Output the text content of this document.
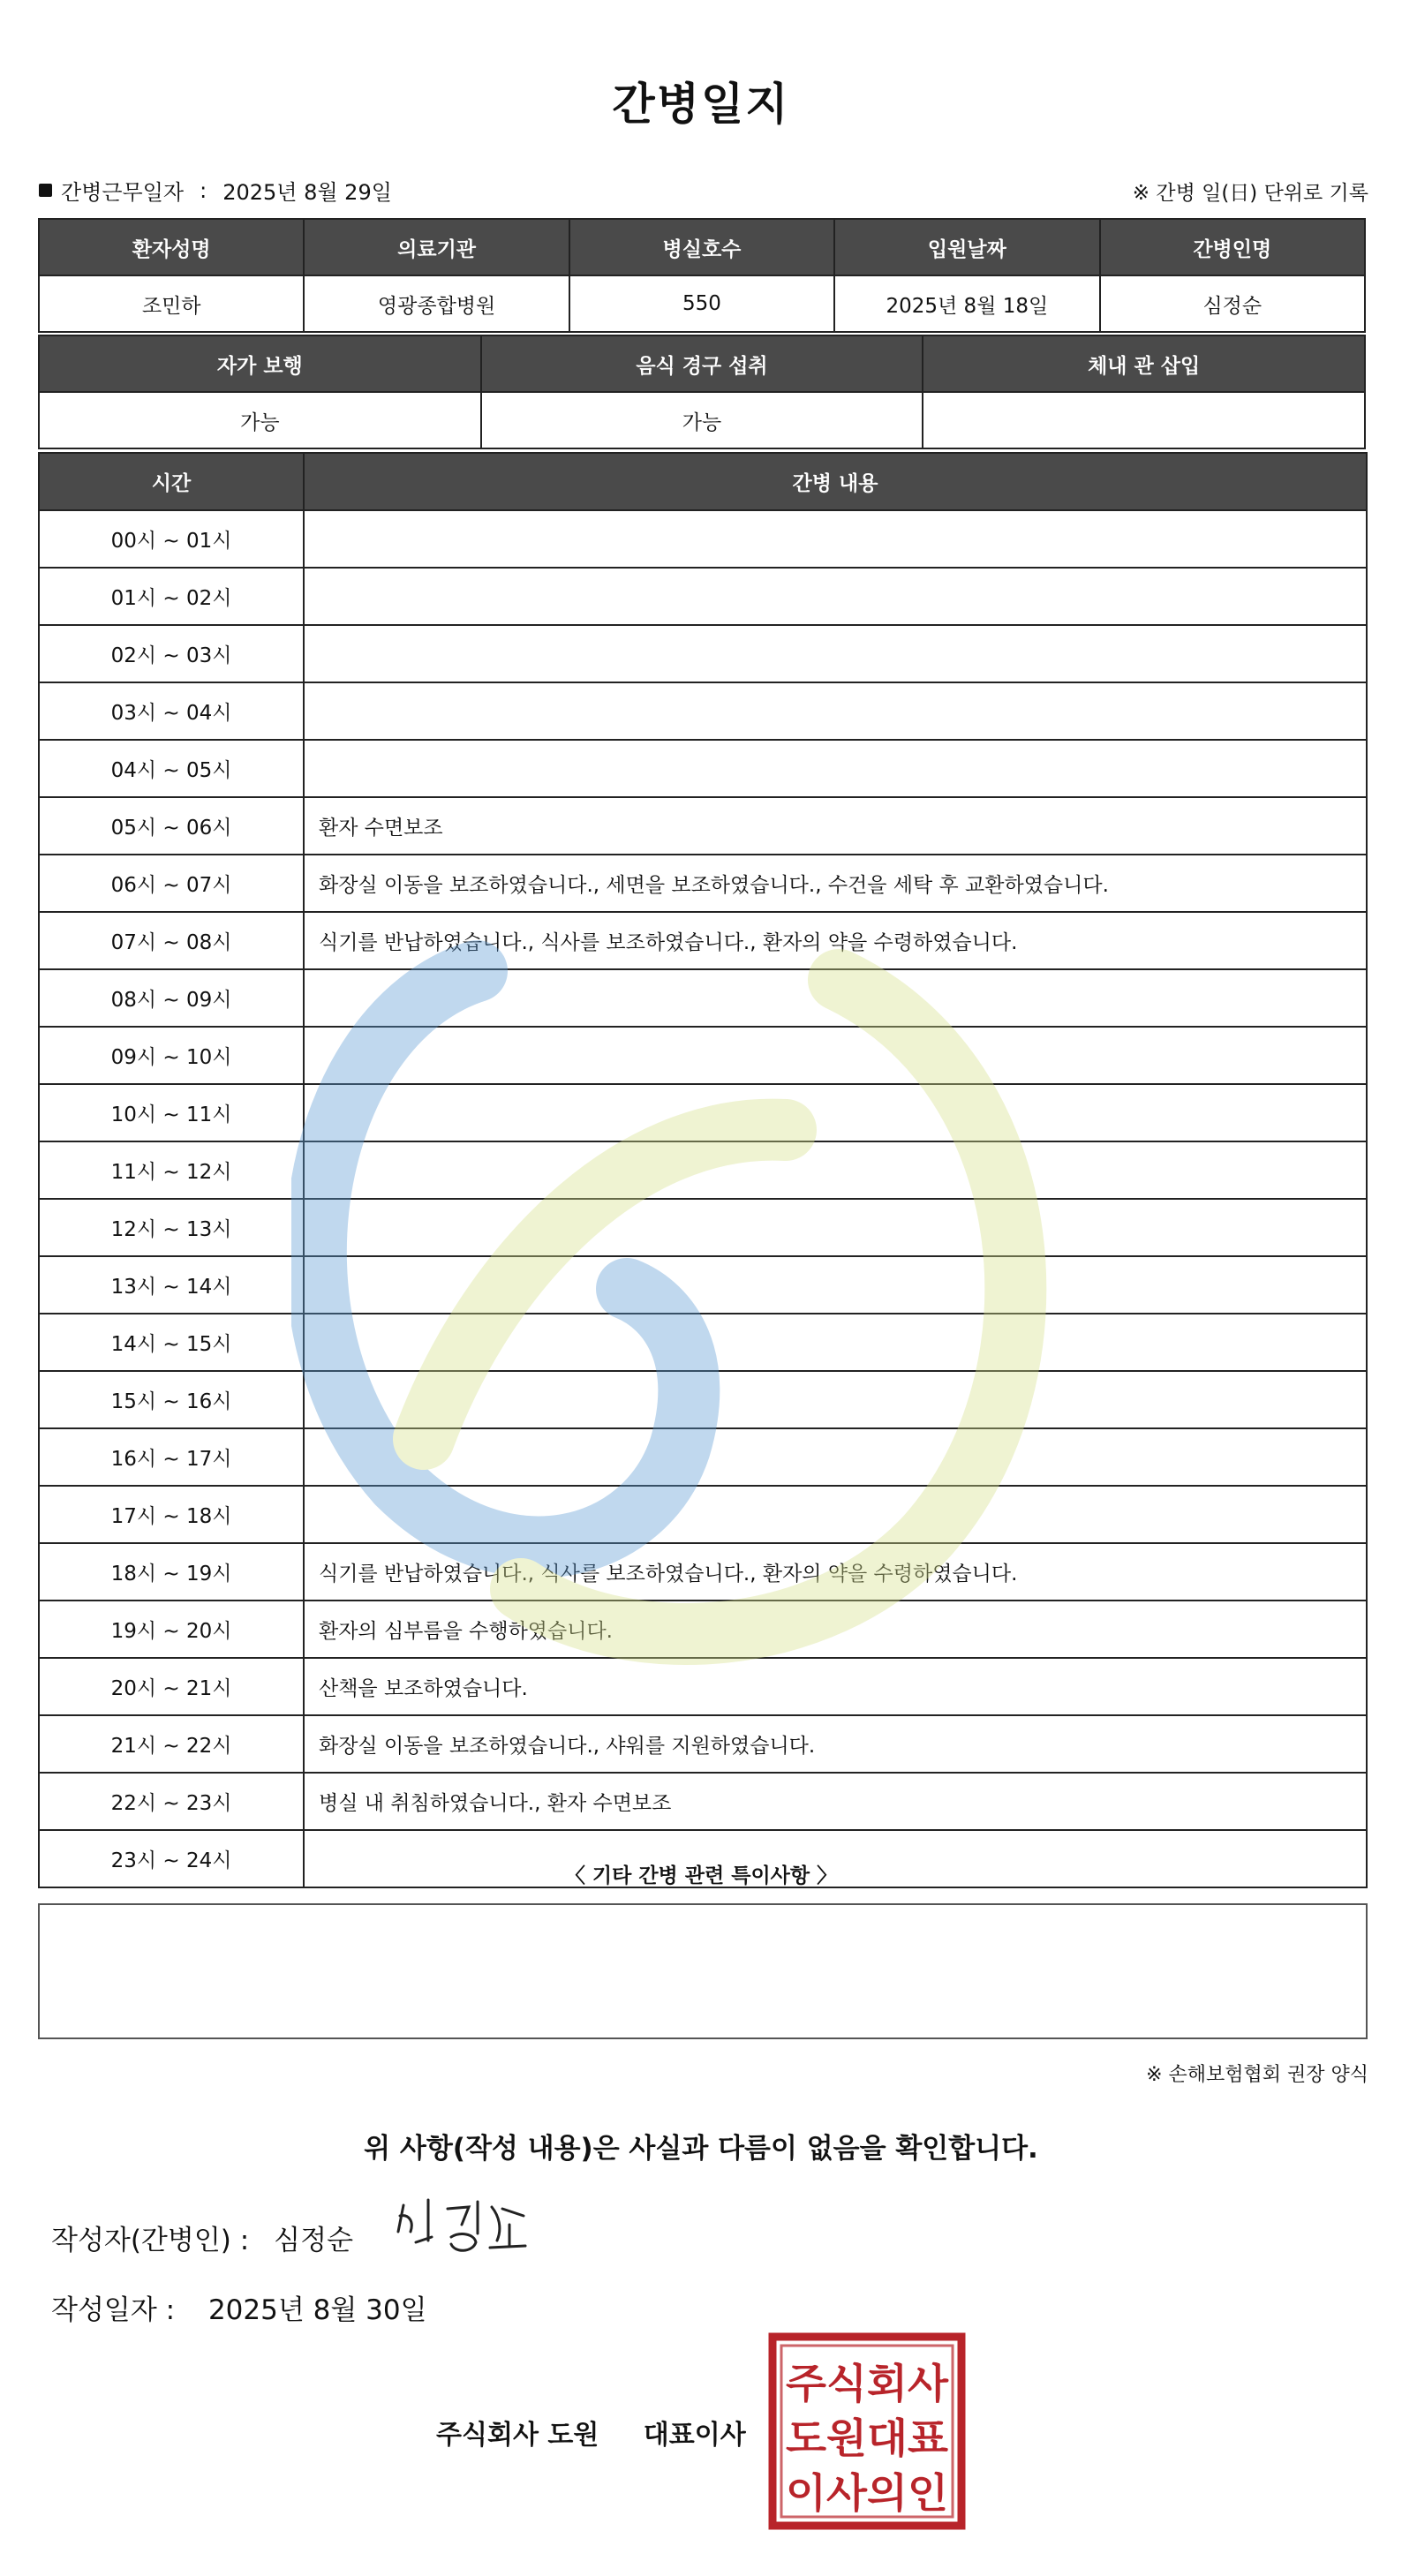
간병일지
간병근무일자 : 2025년 8월 29일	※ 간병 일(日) 단위로 기록
환자성명	의료기관	병실호수	입원날짜	간병인명
조민하	영광종합병원	550	2025년 8월 18일	심정순
자가 보행	음식 경구 섭취	체내 관 삽입
가능	가능	
시간	간병 내용
00시 ~ 01시	
01시 ~ 02시	
02시 ~ 03시	
03시 ~ 04시	
04시 ~ 05시	
05시 ~ 06시	환자 수면보조
06시 ~ 07시	화장실 이동을 보조하였습니다., 세면을 보조하였습니다., 수건을 세탁 후 교환하였습니다.
07시 ~ 08시	식기를 반납하였습니다., 식사를 보조하였습니다., 환자의 약을 수령하였습니다.
08시 ~ 09시	
09시 ~ 10시	
10시 ~ 11시	
11시 ~ 12시	
12시 ~ 13시	
13시 ~ 14시	
14시 ~ 15시	
15시 ~ 16시	
16시 ~ 17시	
17시 ~ 18시	
18시 ~ 19시	식기를 반납하였습니다., 식사를 보조하였습니다., 환자의 약을 수령하였습니다.
19시 ~ 20시	환자의 심부름을 수행하였습니다.
20시 ~ 21시	산책을 보조하였습니다.
21시 ~ 22시	화장실 이동을 보조하였습니다., 샤워를 지원하였습니다.
22시 ~ 23시	병실 내 취침하였습니다., 환자 수면보조
23시 ~ 24시	
〈 기타 간병 관련 특이사항 〉
※ 손해보험협회 권장 양식
위 사항(작성 내용)은 사실과 다름이 없음을 확인합니다.
작성자(간병인) : 심정순
작성일자 : 2025년 8월 30일
주식회사 도원 대표이사
주식회사
도원대표
이사의인
